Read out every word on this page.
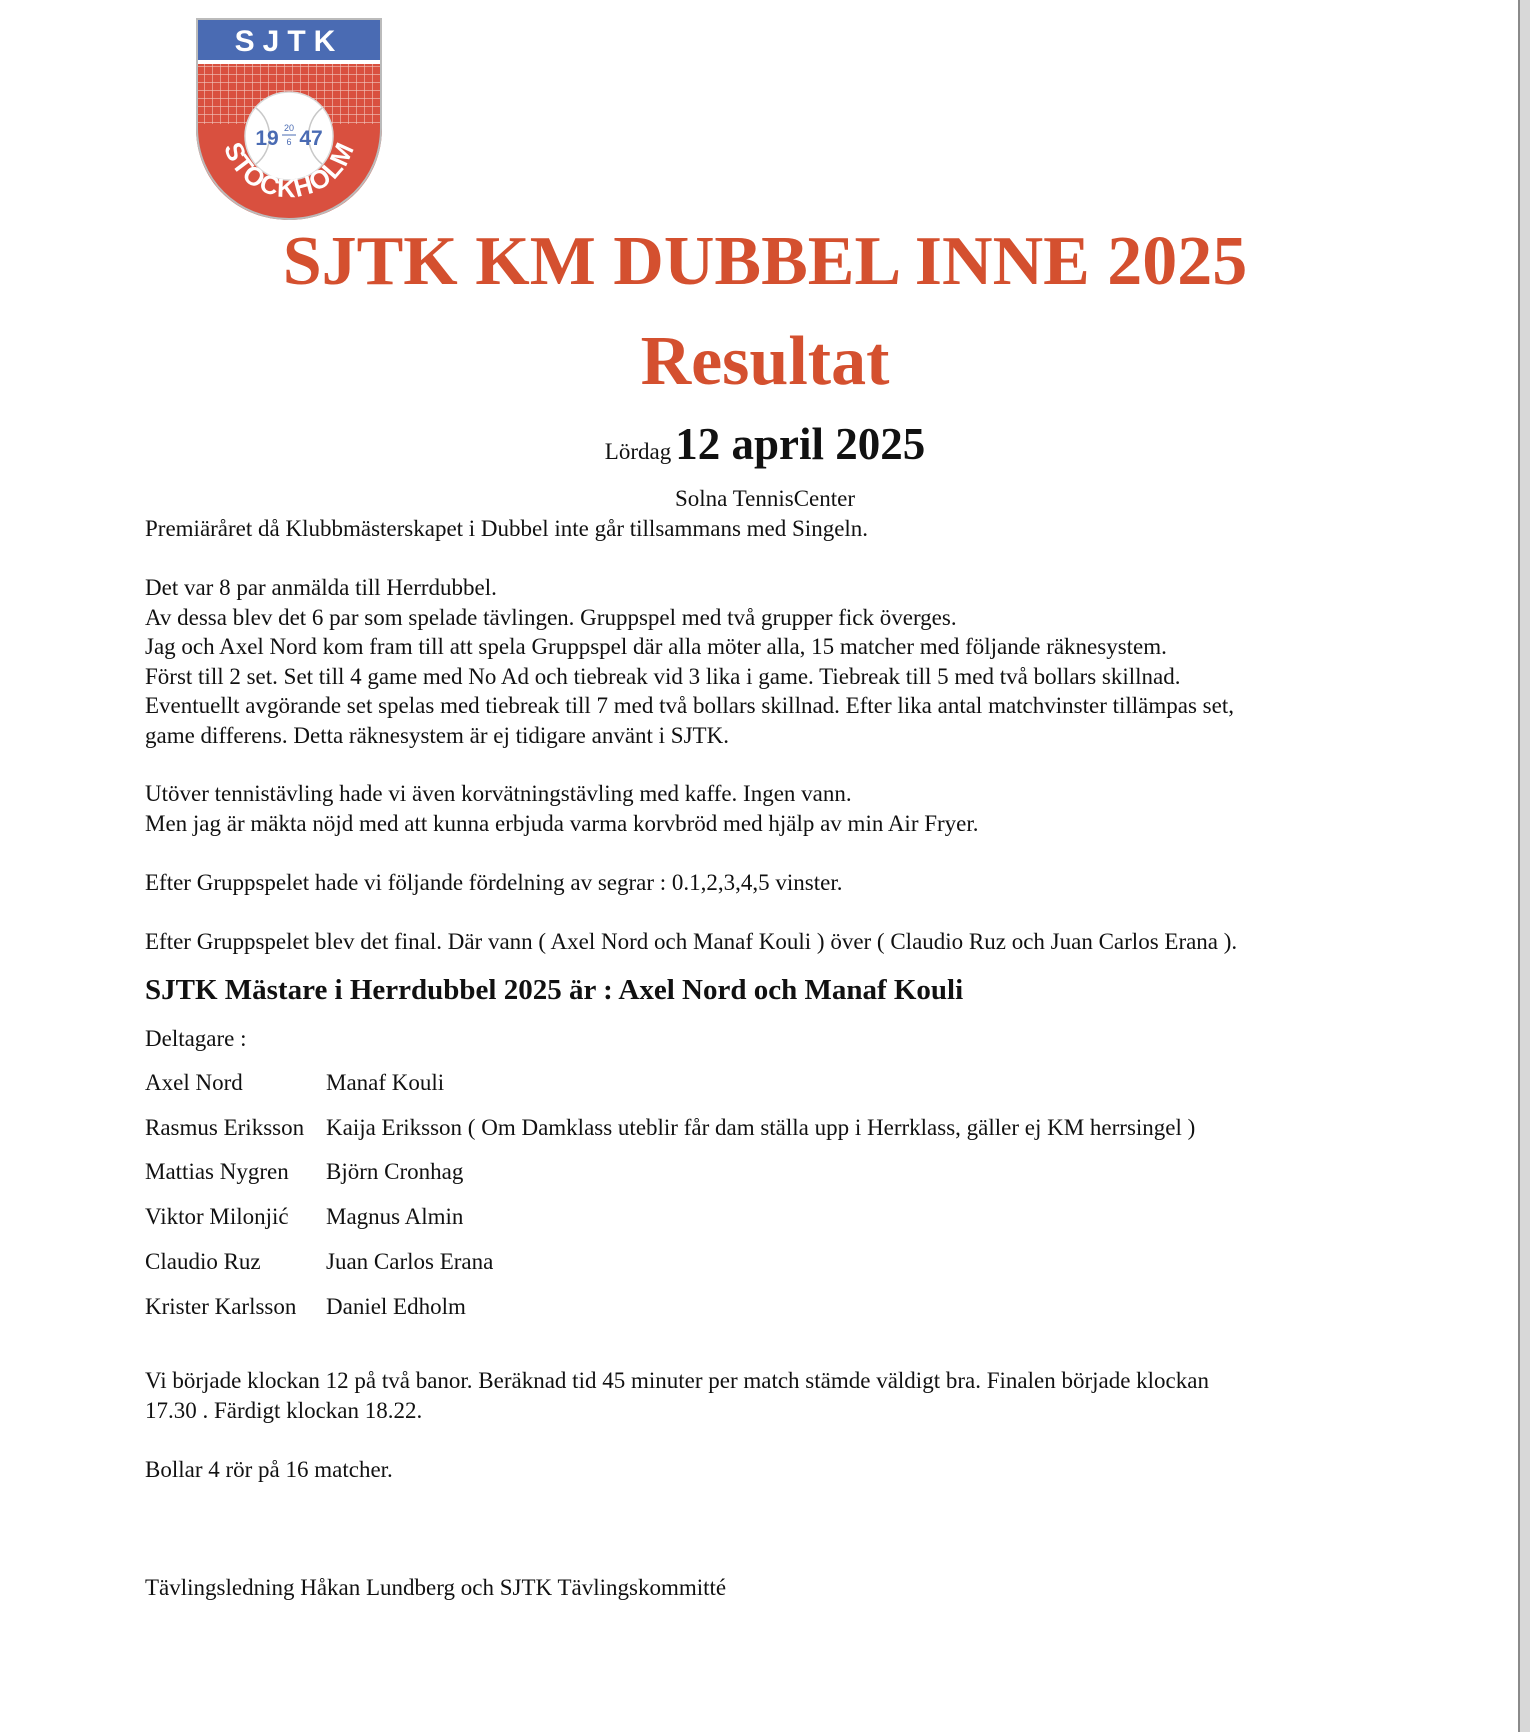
SJTK
19 20
6 47
STOCKHOLM
SJTK KM DUBBEL INNE 2025
Resultat
Lördag 12 april 2025
Solna TennisCenter
Premiäråret då Klubbmästerskapet i Dubbel inte går tillsammans med Singeln.
Det var 8 par anmälda till Herrdubbel.
Av dessa blev det 6 par som spelade tävlingen. Gruppspel med två grupper fick överges.
Jag och Axel Nord kom fram till att spela Gruppspel där alla möter alla, 15 matcher med följande räknesystem.
Först till 2 set. Set till 4 game med No Ad och tiebreak vid 3 lika i game. Tiebreak till 5 med två bollars skillnad.
Eventuellt avgörande set spelas med tiebreak till 7 med två bollars skillnad. Efter lika antal matchvinster tillämpas set,
game differens. Detta räknesystem är ej tidigare använt i SJTK.
Utöver tennistävling hade vi även korvätningstävling med kaffe. Ingen vann.
Men jag är mäkta nöjd med att kunna erbjuda varma korvbröd med hjälp av min Air Fryer.
Efter Gruppspelet hade vi följande fördelning av segrar : 0.1,2,3,4,5 vinster.
Efter Gruppspelet blev det final. Där vann ( Axel Nord och Manaf Kouli ) över ( Claudio Ruz och Juan Carlos Erana ).
SJTK Mästare i Herrdubbel 2025 är : Axel Nord och Manaf Kouli
Deltagare :
Axel Nord	Manaf Kouli
Rasmus Eriksson Kaija Eriksson ( Om Damklass uteblir får dam ställa upp i Herrklass, gäller ej KM herrsingel )
Mattias Nygren Björn Cronhag
Viktor Milonjić Magnus Almin
Claudio Ruz	Juan Carlos Erana
Krister Karlsson Daniel Edholm
Vi började klockan 12 på två banor. Beräknad tid 45 minuter per match stämde väldigt bra. Finalen började klockan
17.30 . Färdigt klockan 18.22.
Bollar 4 rör på 16 matcher.
Tävlingsledning Håkan Lundberg och SJTK Tävlingskommitté
